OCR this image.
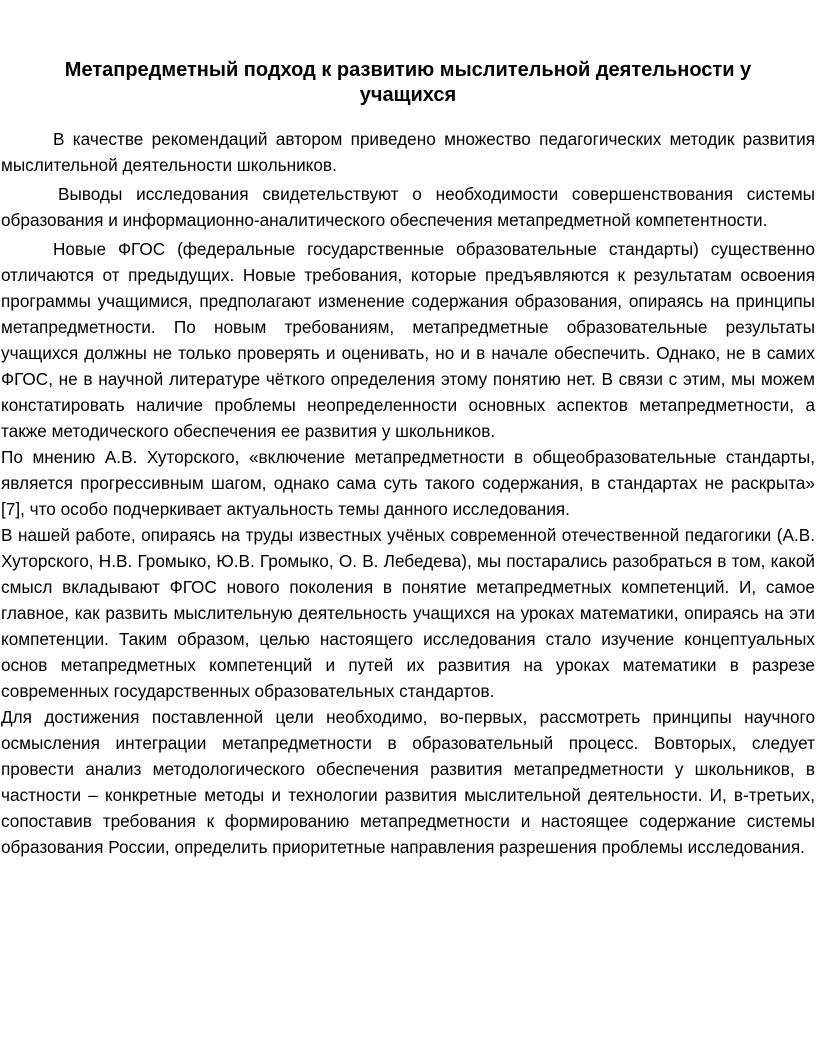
Метапредметный подход к развитию мыслительной деятельности у учащихся

В качестве рекомендаций автором приведено множество педагогических методик развития мыслительной деятельности школьников.

Выводы исследования свидетельствуют о необходимости совершенствования системы образования и информационно-аналитического обеспечения метапредметной компетентности.

Новые ФГОС (федеральные государственные образовательные стандарты) существенно отличаются от предыдущих. Новые требования, которые предъявляются к результатам освоения программы учащимися, предполагают изменение содержания образования, опираясь на принципы метапредметности. По новым требованиям, метапредметные образовательные результаты учащихся должны не только проверять и оценивать, но и в начале обеспечить. Однако, не в самих ФГОС, не в научной литературе чёткого определения этому понятию нет. В связи с этим, мы можем констатировать наличие проблемы неопределенности основных аспектов метапредметности, а также методического обеспечения ее развития у школьников.

По мнению А.В. Хуторского, «включение метапредметности в общеобразовательные стандарты, является прогрессивным шагом, однако сама суть такого содержания, в стандартах не раскрыта» [7], что особо подчеркивает актуальность темы данного исследования.

В нашей работе, опираясь на труды известных учёных современной отечественной педагогики (А.В. Хуторского, Н.В. Громыко, Ю.В. Громыко, О. В. Лебедева), мы постарались разобраться в том, какой смысл вкладывают ФГОС нового поколения в понятие метапредметных компетенций. И, самое главное, как развить мыслительную деятельность учащихся на уроках математики, опираясь на эти компетенции. Таким образом, целью настоящего исследования стало изучение концептуальных основ метапредметных компетенций и путей их развития на уроках математики в разрезе современных государственных образовательных стандартов.

Для достижения поставленной цели необходимо, во-первых, рассмотреть принципы научного осмысления интеграции метапредметности в образовательный процесс. Вовторых, следует провести анализ методологического обеспечения развития метапредметности у школьников, в частности – конкретные методы и технологии развития мыслительной деятельности. И, в-третьих, сопоставив требования к формированию метапредметности и настоящее содержание системы образования России, определить приоритетные направления разрешения проблемы исследования.
